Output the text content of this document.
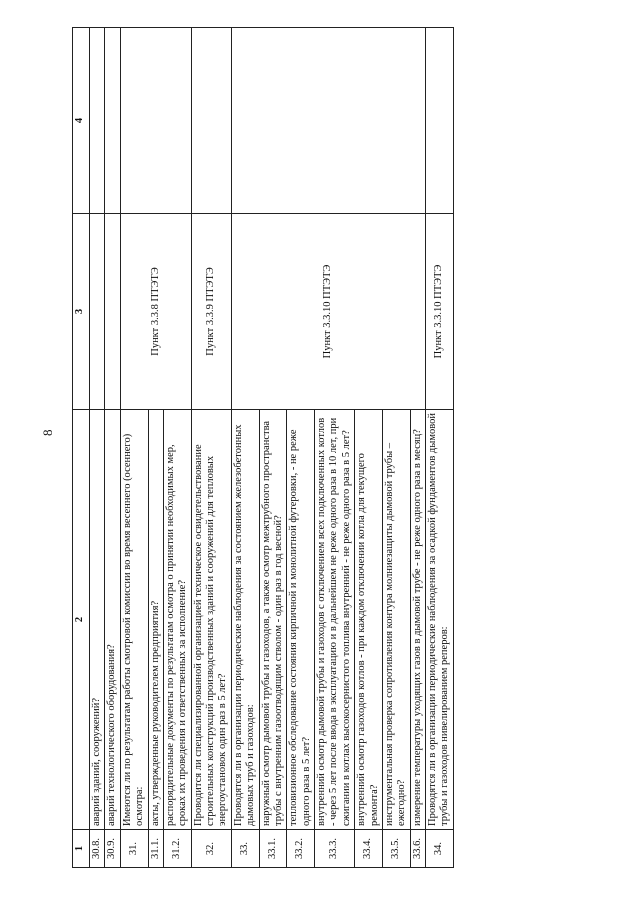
8
1	2	3	4
30.8.	аварий зданий, сооружений?		
30.9.	аварий технологического оборудования?		
31.	Имеются ли по результатам работы смотровой комиссии во время весеннего (осеннего) осмотра:	Пункт 3.3.8 ПТЭТЭ	
31.1.	акты, утвержденные руководителем предприятия?		
31.2.	распорядительные документы по результатам осмотра о принятии необходимых мер, сроках их проведения и ответственных за исполнение?		
32.	Проводится ли специализированной организацией техническое освидетельствование строительных конструкций производственных зданий и сооружений для тепловых энергоустановок один раз в 5 лет?	Пункт 3.3.9 ПТЭТЭ	
33.	Проводятся ли в организации периодические наблюдения за состоянием железобетонных дымовых труб и газоходов:	Пункт 3.3.10 ПТЭТЭ	
33.1.	наружный осмотр дымовой трубы и газоходов, а также осмотр межтрубного пространства трубы с внутренним газоотводящим стволом - один раз в год весной?		
33.2.	тепловизионное обследование состояния кирпичной и монолитной футеровки, - не реже одного раза в 5 лет?		
33.3.	внутренний осмотр дымовой трубы и газоходов с отключением всех подключенных котлов - через 5 лет после ввода в эксплуатацию и в дальнейшем не реже одного раза в 10 лет, при сжигании в котлах высокосернистого топлива внутренний - не реже одного раза в 5 лет?		
33.4.	внутренний осмотр газоходов котлов - при каждом отключении котла для текущего ремонта?		
33.5.	инструментальная проверка сопротивления контура молниезащиты дымовой трубы – ежегодно?		
33.6.	измерение температуры уходящих газов в дымовой трубе - не реже одного раза в месяц?		
34.	Проводятся ли в организации периодические наблюдения за осадкой фундаментов дымовой трубы и газоходов нивелированием реперов:	Пункт 3.3.10 ПТЭТЭ	
